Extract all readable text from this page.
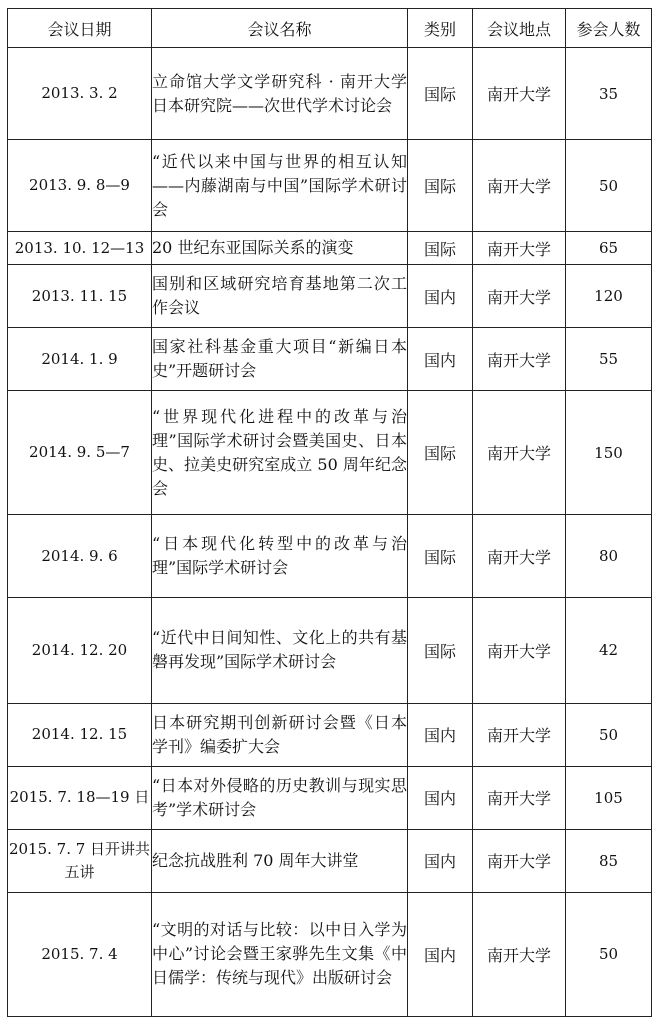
会议日期	会议名称	类别	会议地点	参会人数
2013. 3. 2	立命馆大学文学研究科 · 南开大学日本研究院——次世代学术讨论会	国际	南开大学	35
2013. 9. 8—9	“近代以来中国与世界的相互认知——内藤湖南与中国”国际学术研讨会	国际	南开大学	50
2013. 10. 12—13	20 世纪东亚国际关系的演变	国际	南开大学	65
2013. 11. 15	国别和区域研究培育基地第二次工作会议	国内	南开大学	120
2014. 1. 9	国家社科基金重大项目“新编日本史”开题研讨会	国内	南开大学	55
2014. 9. 5—7	“世界现代化进程中的改革与治理”国际学术研讨会暨美国史、日本史、拉美史研究室成立 50 周年纪念会	国际	南开大学	150
2014. 9. 6	“日本现代化转型中的改革与治理”国际学术研讨会	国际	南开大学	80
2014. 12. 20	“近代中日间知性、文化上的共有基磐再发现”国际学术研讨会	国际	南开大学	42
2014. 12. 15	日本研究期刊创新研讨会暨《日本学刊》编委扩大会	国内	南开大学	50
2015. 7. 18—19 日	“日本对外侵略的历史教训与现实思考”学术研讨会	国内	南开大学	105
2015. 7. 7 日开讲共五讲	纪念抗战胜利 70 周年大讲堂	国内	南开大学	85
2015. 7. 4	“文明的对话与比较：以中日入学为中心”讨论会暨王家骅先生文集《中日儒学：传统与现代》出版研讨会	国内	南开大学	50
